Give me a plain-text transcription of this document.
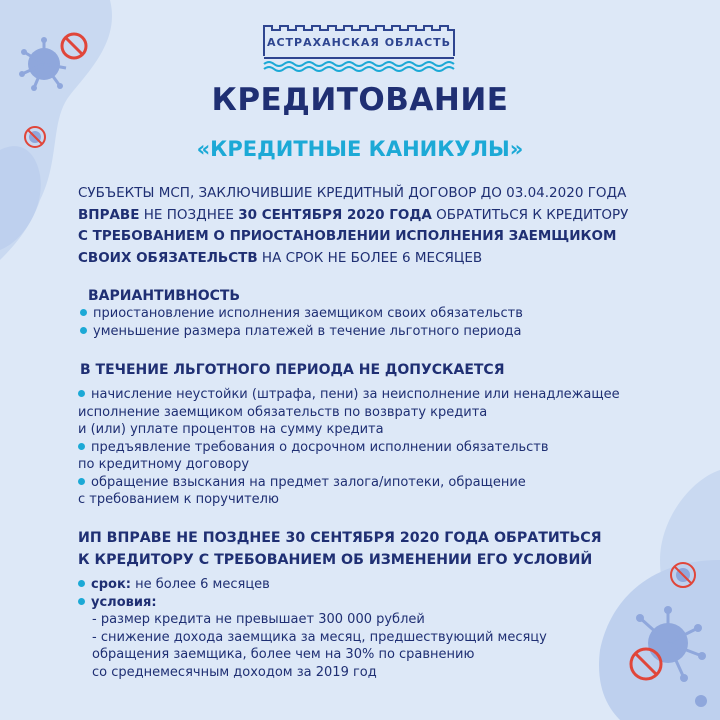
АСТРАХАНСКАЯ ОБЛАСТЬ
КРЕДИТОВАНИЕ
«КРЕДИТНЫЕ КАНИКУЛЫ»
СУБЪЕКТЫ МСП, ЗАКЛЮЧИВШИЕ КРЕДИТНЫЙ ДОГОВОР ДО 03.04.2020 ГОДА
ВПРАВЕ НЕ ПОЗДНЕЕ 30 СЕНТЯБРЯ 2020 ГОДА ОБРАТИТЬСЯ К КРЕДИТОРУ
С ТРЕБОВАНИЕМ О ПРИОСТАНОВЛЕНИИ ИСПОЛНЕНИЯ ЗАЕМЩИКОМ
СВОИХ ОБЯЗАТЕЛЬСТВ НА СРОК НЕ БОЛЕЕ 6 МЕСЯЦЕВ
ВАРИАНТИВНОСТЬ
приостановление исполнения заемщиком своих обязательств
уменьшение размера платежей в течение льготного периода
В ТЕЧЕНИЕ ЛЬГОТНОГО ПЕРИОДА НЕ ДОПУСКАЕТСЯ
начисление неустойки (штрафа, пени) за неисполнение или ненадлежащее
исполнение заемщиком обязательств по возврату кредита
и (или) уплате процентов на сумму кредита
предъявление требования о досрочном исполнении обязательств
по кредитному договору
обращение взыскания на предмет залога/ипотеки, обращение
с требованием к поручителю
ИП ВПРАВЕ НЕ ПОЗДНЕЕ 30 СЕНТЯБРЯ 2020 ГОДА ОБРАТИТЬСЯ
К КРЕДИТОРУ С ТРЕБОВАНИЕМ ОБ ИЗМЕНЕНИИ ЕГО УСЛОВИЙ
срок: не более 6 месяцев
условия:
- размер кредита не превышает 300 000 рублей
- снижение дохода заемщика за месяц, предшествующий месяцу
обращения заемщика, более чем на 30% по сравнению
со среднемесячным доходом за 2019 год
